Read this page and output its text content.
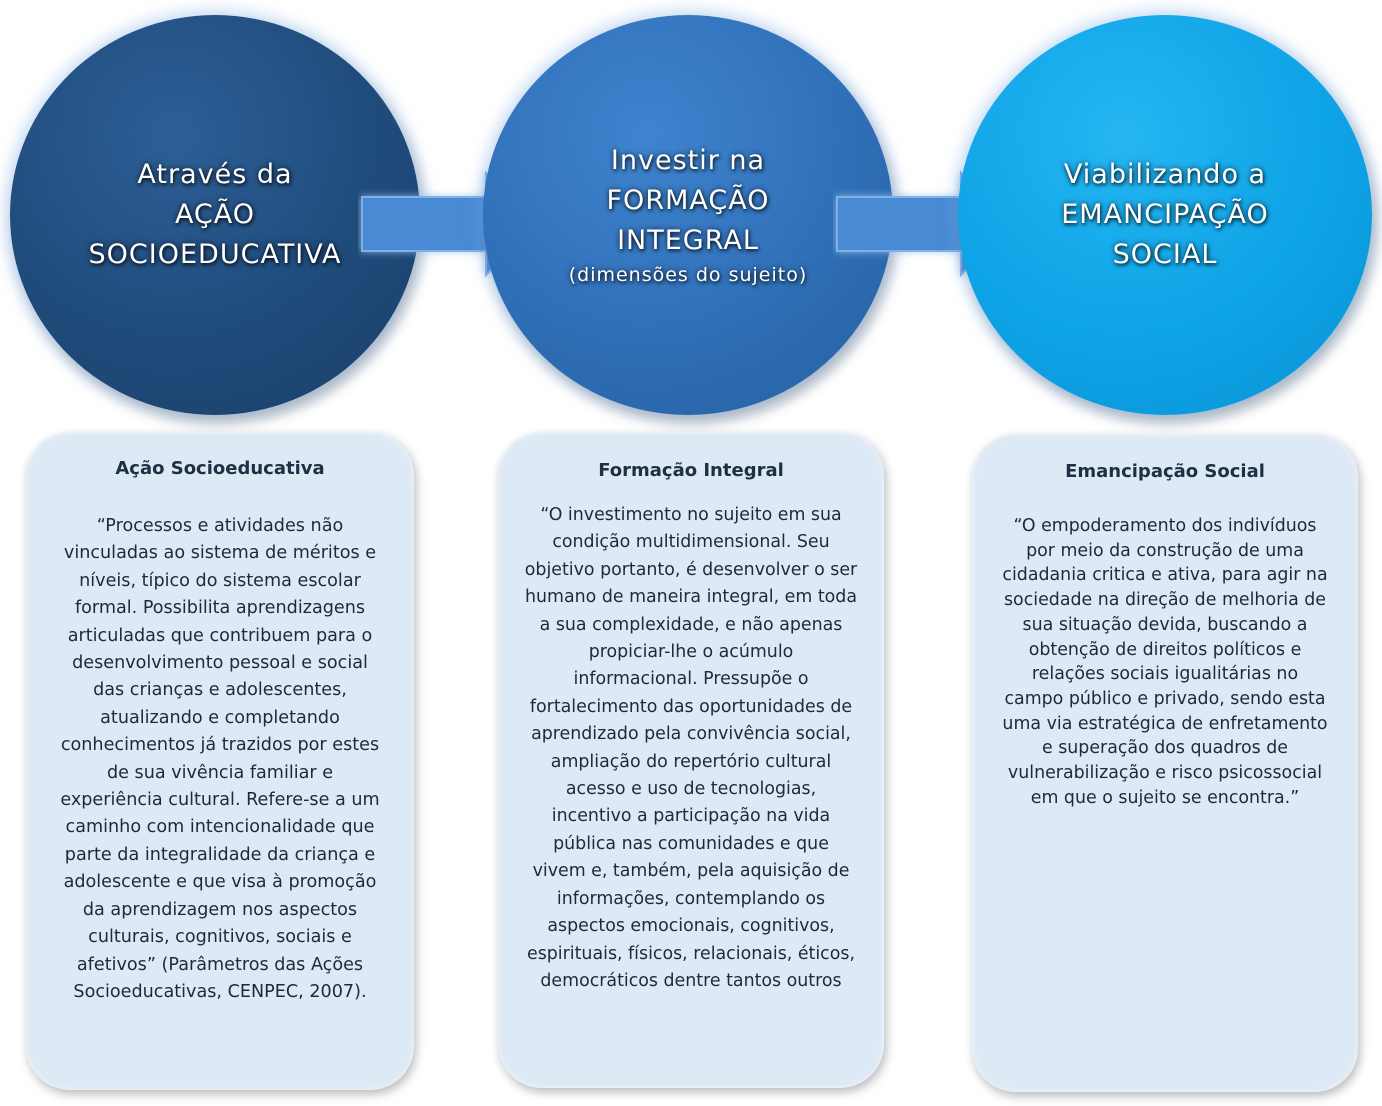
Através da
AÇÃO
SOCIOEDUCATIVA
Investir na
FORMAÇÃO
INTEGRAL
(dimensões do sujeito)
Viabilizando a
EMANCIPAÇÃO
SOCIAL
Ação Socioeducativa
“Processos e atividades não vinculadas ao sistema de méritos e níveis, típico do sistema escolar formal. Possibilita aprendizagens articuladas que contribuem para o desenvolvimento pessoal e social das crianças e adolescentes, atualizando e completando conhecimentos já trazidos por estes de sua vivência familiar e experiência cultural. Refere-se a um caminho com intencionalidade que parte da integralidade da criança e adolescente e que visa à promoção da aprendizagem nos aspectos culturais, cognitivos, sociais e afetivos” (Parâmetros das Ações Socioeducativas, CENPEC, 2007).
Formação Integral
“O investimento no sujeito em sua condição multidimensional. Seu objetivo portanto, é desenvolver o ser humano de maneira integral, em toda a sua complexidade, e não apenas propiciar-lhe o acúmulo informacional. Pressupõe o fortalecimento das oportunidades de aprendizado pela convivência social, ampliação do repertório cultural acesso e uso de tecnologias, incentivo a participação na vida pública nas comunidades e que vivem e, também, pela aquisição de informações, contemplando os aspectos emocionais, cognitivos, espirituais, físicos, relacionais, éticos, democráticos dentre tantos outros
Emancipação Social
“O empoderamento dos indivíduos por meio da construção de uma cidadania critica e ativa, para agir na sociedade na direção de melhoria de sua situação devida, buscando a obtenção de direitos políticos e relações sociais igualitárias no campo público e privado, sendo esta uma via estratégica de enfretamento e superação dos quadros de vulnerabilização e risco psicossocial em que o sujeito se encontra.”
